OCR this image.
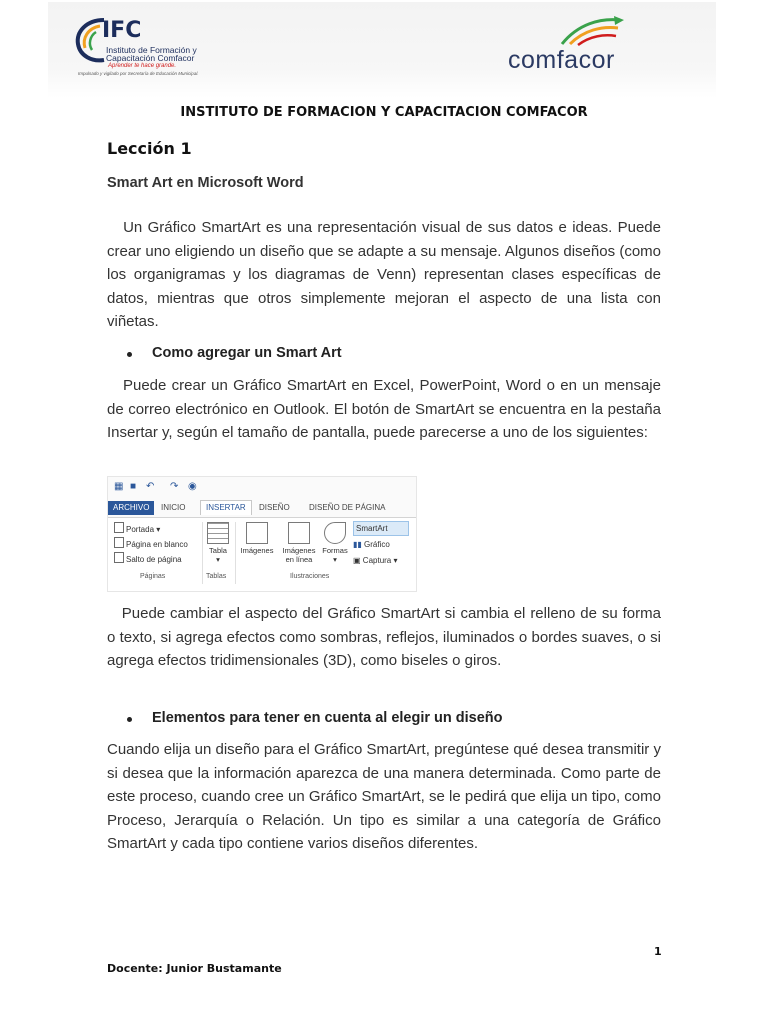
IFC
Instituto de Formación y
Capacitación Comfacor
Aprender te hace grande.
Impulsado y vigilado por Secretaría de Educación Municipal.	comfacor
INSTITUTO DE FORMACION Y CAPACITACION COMFACOR
Lección 1
Smart Art en Microsoft Word
Un Gráfico SmartArt es una representación visual de sus datos e ideas. Puede crear uno eligiendo un diseño que se adapte a su mensaje. Algunos diseños (como los organigramas y los diagramas de Venn) representan clases específicas de datos, mientras que otros simplemente mejoran el aspecto de una lista con viñetas.
Como agregar un Smart Art
Puede crear un Gráfico SmartArt en Excel, PowerPoint, Word o en un mensaje de correo electrónico en Outlook. El botón de SmartArt se encuentra en la pestaña Insertar y, según el tamaño de pantalla, puede parecerse a uno de los siguientes:
▦ ■ ↶ ↷ ◉
ARCHIVO	INICIO	INSERTAR	DISEÑO	DISEÑO DE PÁGINA
Portada ▾
Página en blanco
Salto de página
Páginas
Tabla
▾
Tablas
Imágenes	Imágenes en línea
Formas
▾
SmartArt
▮▮ Gráfico
▣ Captura ▾
Ilustraciones
Puede cambiar el aspecto del Gráfico SmartArt si cambia el relleno de su forma o texto, si agrega efectos como sombras, reflejos, iluminados o bordes suaves, o si agrega efectos tridimensionales (3D), como biseles o giros.
Elementos para tener en cuenta al elegir un diseño
Cuando elija un diseño para el Gráfico SmartArt, pregúntese qué desea transmitir y si desea que la información aparezca de una manera determinada. Como parte de este proceso, cuando cree un Gráfico SmartArt, se le pedirá que elija un tipo, como Proceso, Jerarquía o Relación. Un tipo es similar a una categoría de Gráfico SmartArt y cada tipo contiene varios diseños diferentes.
1
Docente: Junior Bustamante
